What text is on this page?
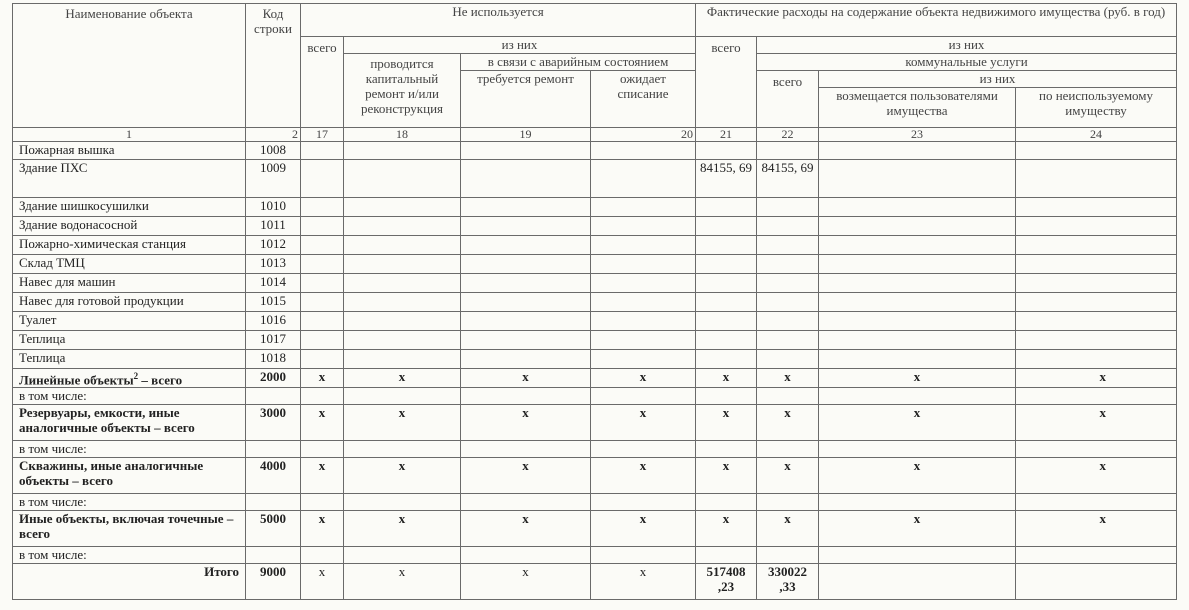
Наименование объекта	Код строки	Не используется				Фактические расходы на содержание объекта недвижимого имущества (руб. в год)			
		всего	из них			всего	из них		
			проводится капитальный ремонт и/или реконструкция	в связи с аварийным состоянием			коммунальные услуги		
				требуется ремонт	ожидает списание		всего	из них	
								возмещается пользователями имущества	по неиспользуемому имуществу
1	2	17	18	19	20	21	22	23	24
Пожарная вышка	1008								
Здание ПХС	1009					84155, 69	84155, 69		
Здание шишкосушилки	1010								
Здание водонасосной	1011								
Пожарно-химическая станция	1012								
Склад ТМЦ	1013								
Навес для машин	1014								
Навес для готовой продукции	1015								
Туалет	1016								
Теплица	1017								
Теплица	1018								
Линейные объекты$^2$ – всего	2000	x	x	x	x	x	x	x	x
в том числе:									
Резервуары, емкости, иные аналогичные объекты – всего	3000	x	x	x	x	x	x	x	x
в том числе:									
Скважины, иные аналогичные объекты – всего	4000	x	x	x	x	x	x	x	x
в том числе:									
Иные объекты, включая точечные – всего	5000	x	x	x	x	x	x	x	x
в том числе:									
Итого	9000	x	x	x	x	517408 ,23	330022 ,33		
